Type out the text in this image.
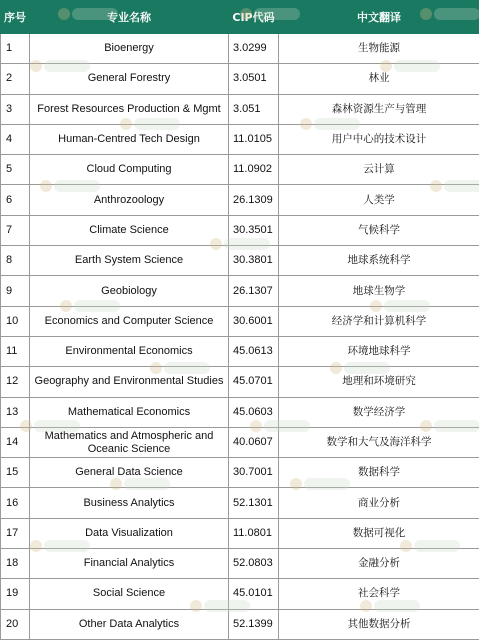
序号	专业名称	CIP代码	中文翻译
1	Bioenergy	3.0299	生物能源
2	General Forestry	3.0501	林业
3	Forest Resources Production & Mgmt	3.051	森林资源生产与管理
4	Human-Centred Tech Design	11.0105	用户中心的技术设计
5	Cloud Computing	11.0902	云计算
6	Anthrozoology	26.1309	人类学
7	Climate Science	30.3501	气候科学
8	Earth System Science	30.3801	地球系统科学
9	Geobiology	26.1307	地球生物学
10	Economics and Computer Science	30.6001	经济学和计算机科学
11	Environmental Economics	45.0613	环境地球科学
12	Geography and Environmental Studies	45.0701	地理和环境研究
13	Mathematical Economics	45.0603	数学经济学
14	Mathematics and Atmospheric and Oceanic Science	40.0607	数学和大气及海洋科学
15	General Data Science	30.7001	数据科学
16	Business Analytics	52.1301	商业分析
17	Data Visualization	11.0801	数据可视化
18	Financial Analytics	52.0803	金融分析
19	Social Science	45.0101	社会科学
20	Other Data Analytics	52.1399	其他数据分析
